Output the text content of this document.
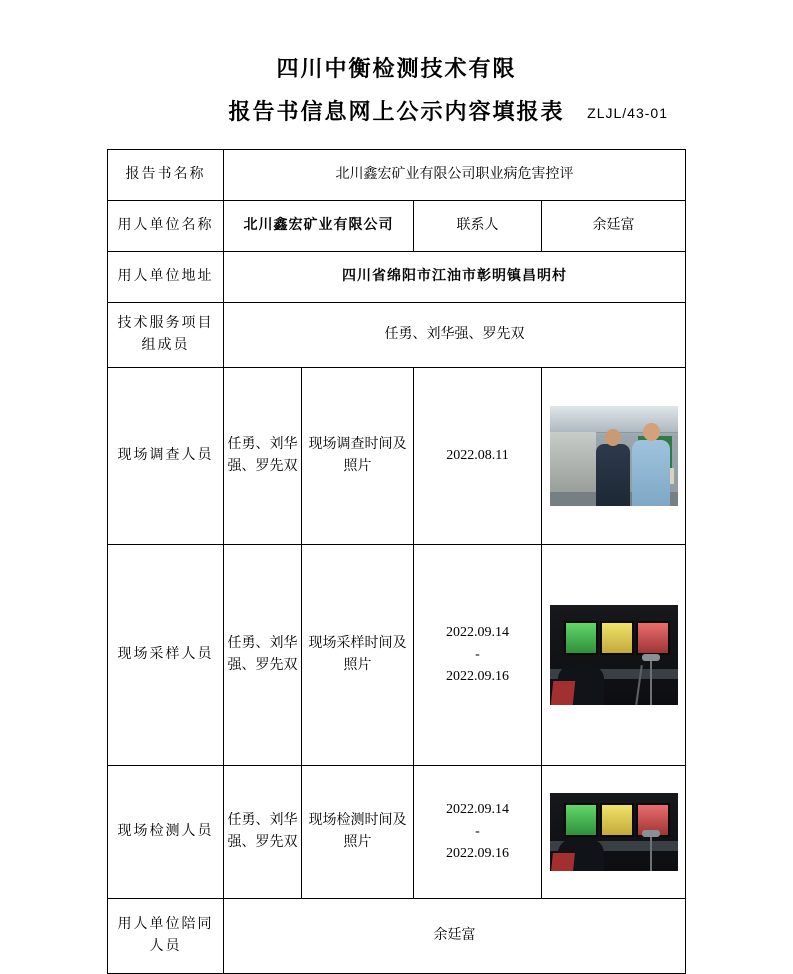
四川中衡检测技术有限
报告书信息网上公示内容填报表	ZLJL/43-01
报告书名称	北川鑫宏矿业有限公司职业病危害控评			
用人单位名称	北川鑫宏矿业有限公司		联系人	余廷富
用人单位地址	四川省绵阳市江油市彰明镇昌明村			
技术服务项目组成员	任勇、刘华强、罗先双			
现场调查人员	任勇、刘华强、罗先双	现场调查时间及照片	2022.08.11	

现场采样人员	任勇、刘华强、罗先双	现场采样时间及照片	2022.09.14
-
2022.09.16	

现场检测人员	任勇、刘华强、罗先双	现场检测时间及照片	2022.09.14
-
2022.09.16	

用人单位陪同人员	余廷富			
